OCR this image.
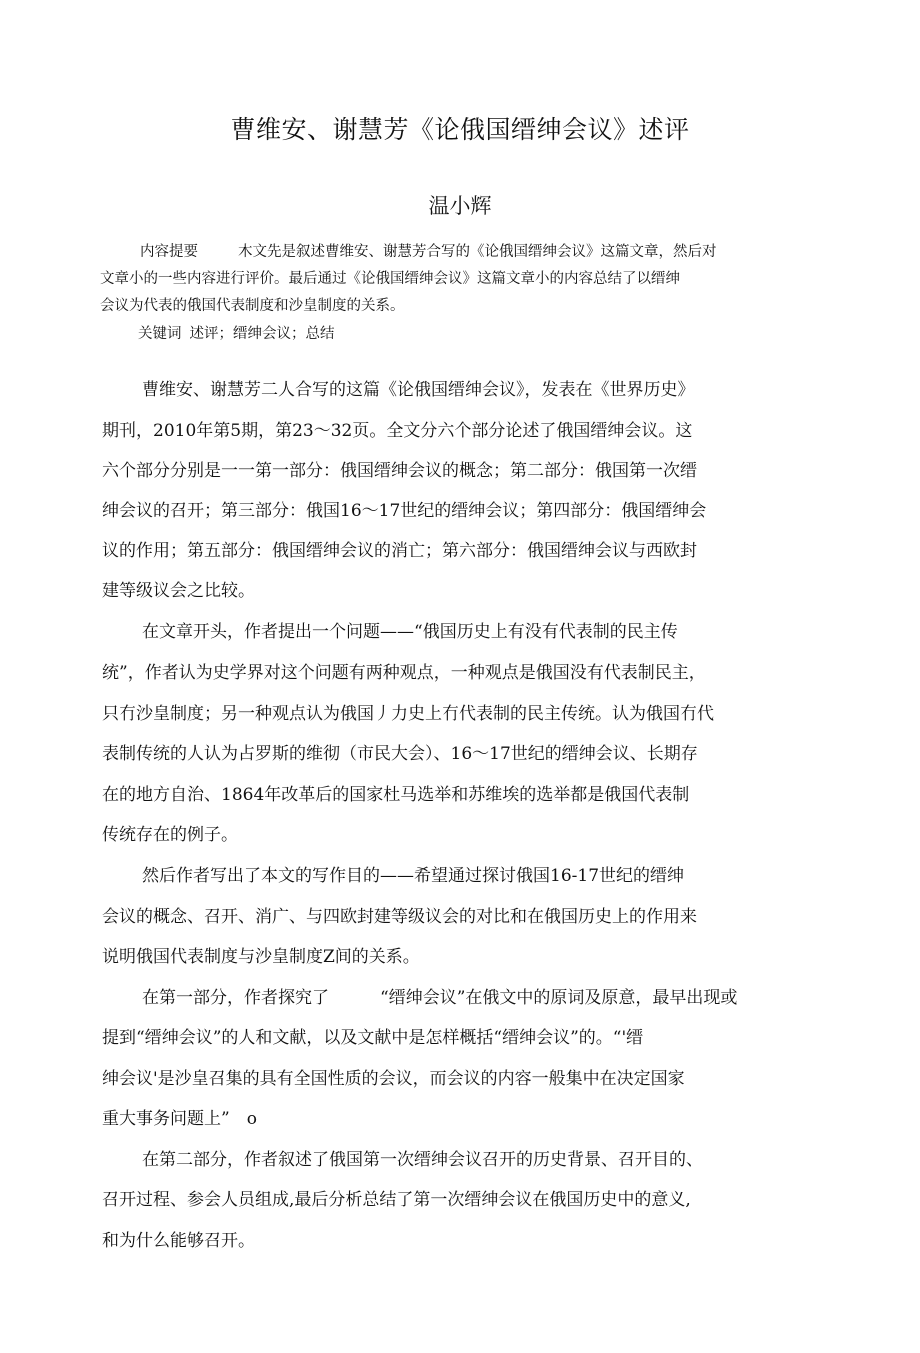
曹维安、谢慧芳《论俄国缙绅会议》述评
温小辉
内容提要	木文先是叙述曹维安、谢慧芳合写的《论俄国缙绅会议》这篇文章，然后对
文章小的一些内容进行评价。最后通过《论俄国缙绅会议》这篇文章小的内容总结了以缙绅
会议为代表的俄国代表制度和沙皇制度的关系。
关键词 述评；缙绅会议；总结
曹维安、谢慧芳二人合写的这篇《论俄国缙绅会议》，发表在《世界历史》
期刊，2010年第5期，第23～32页。全文分六个部分论述了俄国缙绅会议。这
六个部分分别是一一第一部分：俄国缙绅会议的概念；第二部分：俄国第一次缙
绅会议的召开；第三部分：俄国16～17世纪的缙绅会议；第四部分：俄国缙绅会
议的作用；第五部分：俄国缙绅会议的消亡；第六部分：俄国缙绅会议与西欧封
建等级议会之比较。
在文章开头，作者提出一个问题——“俄国历史上有没有代表制的民主传
统”，作者认为史学界对这个问题有两种观点，一种观点是俄国没有代表制民主，
只冇沙皇制度；另一种观点认为俄国丿力史上冇代表制的民主传统。认为俄国冇代
表制传统的人认为占罗斯的维彻（市民大会）、16～17世纪的缙绅会议、长期存
在的地方自治、1864年改革后的国家杜马选举和苏维埃的选举都是俄国代表制
传统存在的例子。
然后作者写出了本文的写作目的——希望通过探讨俄国16-17世纪的缙绅
会议的概念、召开、消广、与四欧封建等级议会的对比和在俄国历史上的作用来
说明俄国代表制度与沙皇制度Z间的关系。
在第一部分，作者探究了　　　“缙绅会议”在俄文中的原词及原意，最早出现或
提到“缙绅会议”的人和文献，以及文献中是怎样概括“缙绅会议”的。“'缙
绅会议'是沙皇召集的具有全国性质的会议，而会议的内容一般集中在决定国家
重大事务问题上”　o
在第二部分，作者叙述了俄国第一次缙绅会议召开的历史背景、召开目的、
召开过程、参会人员组成,最后分析总结了第一次缙绅会议在俄国历史中的意义,
和为什么能够召开。
